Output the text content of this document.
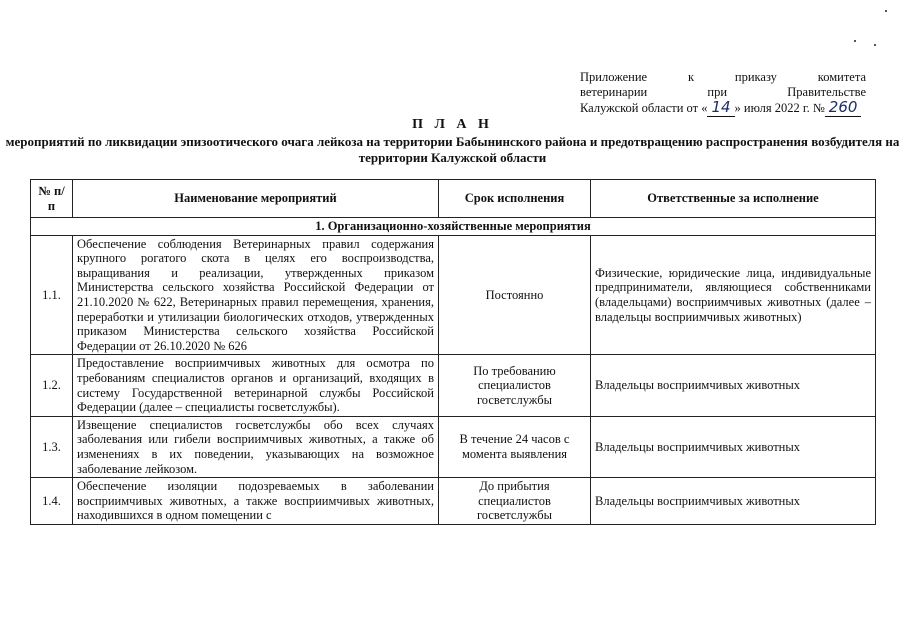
Приложение к приказу комитета
ветеринарии при Правительстве
Калужской области от « 14 » июля 2022 г. № 260
П Л А Н
мероприятий по ликвидации эпизоотического очага лейкоза на территории Бабынинского района и предотвращению распространения возбудителя на территории Калужской области
№ п/п	Наименование мероприятий	Срок исполнения	Ответственные за исполнение
1. Организационно-хозяйственные мероприятия			
1.1.	Обеспечение соблюдения Ветеринарных правил содержания крупного рогатого скота в целях его воспроизводства, выращивания и реализации, утвержденных приказом Министерства сельского хозяйства Российской Федерации от 21.10.2020 № 622, Ветеринарных правил перемещения, хранения, переработки и утилизации биологических отходов, утвержденных приказом Министерства сельского хозяйства Российской Федерации от 26.10.2020 № 626	Постоянно	Физические, юридические лица, индивидуальные предприниматели, являющиеся собственниками (владельцами) восприимчивых животных (далее – владельцы восприимчивых животных)
1.2.	Предоставление восприимчивых животных для осмотра по требованиям специалистов органов и организаций, входящих в систему Государственной ветеринарной службы Российской Федерации (далее – специалисты госветслужбы).	По требованию специалистов госветслужбы	Владельцы восприимчивых животных
1.3.	Извещение специалистов госветслужбы обо всех случаях заболевания или гибели восприимчивых животных, а также об изменениях в их поведении, указывающих на возможное заболевание лейкозом.	В течение 24 часов с момента выявления	Владельцы восприимчивых животных
1.4.	Обеспечение изоляции подозреваемых в заболевании восприимчивых животных, а также восприимчивых животных, находившихся в одном помещении с	До прибытия специалистов госветслужбы	Владельцы восприимчивых животных
